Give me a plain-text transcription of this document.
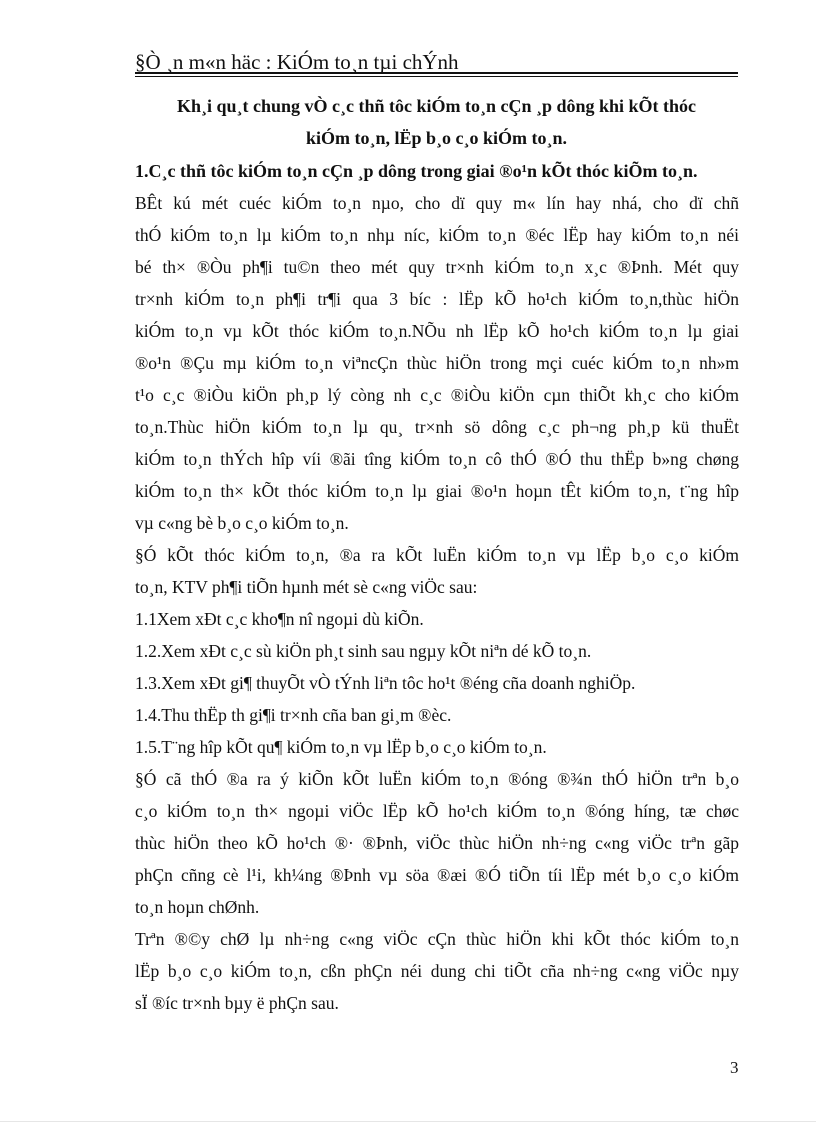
§Ò ¸n m«n häc : KiÓm to¸n tµi chÝnh
Kh¸i qu¸t chung vÒ c¸c thñ tôc kiÓm to¸n cÇn ¸p dông khi kÕt thóc
kiÓm to¸n, lËp b¸o c¸o kiÓm to¸n.
1.C¸c thñ tôc kiÓm to¸n cÇn ¸p dông trong giai ®o¹n kÕt thóc kiÕm to¸n.
BÊt kú mét cuéc kiÓm to¸n nµo, cho dï quy m« lín hay nhá, cho dï chñ
thÓ kiÓm to¸n lµ kiÓm to¸n nhµ níc, kiÓm to¸n ®éc lËp hay kiÓm to¸n néi
bé th× ®Òu ph¶i tu©n theo mét quy tr×nh kiÓm to¸n x¸c ®Þnh. Mét quy
tr×nh kiÓm to¸n ph¶i tr¶i qua 3 bíc : lËp kÕ ho¹ch kiÓm to¸n,thùc hiÖn
kiÓm to¸n vµ kÕt thóc kiÓm to¸n.NÕu nh lËp kÕ ho¹ch kiÓm to¸n lµ giai
®o¹n ®Çu mµ kiÓm to¸n viªncÇn thùc hiÖn trong mçi cuéc kiÓm to¸n nh»m
t¹o c¸c ®iÒu kiÖn ph¸p lý còng nh c¸c ®iÒu kiÖn cµn thiÕt kh¸c cho kiÓm
to¸n.Thùc hiÖn kiÓm to¸n lµ qu¸ tr×nh sö dông c¸c ph¬ng ph¸p kü thuËt
kiÓm to¸n thÝch hîp víi ®ãi tîng kiÓm to¸n cô thÓ ®Ó thu thËp b»ng chøng
kiÓm to¸n th× kÕt thóc kiÓm to¸n lµ giai ®o¹n hoµn tÊt kiÓm to¸n, t¨ng hîp
vµ c«ng bè b¸o c¸o kiÓm to¸n.
§Ó kÕt thóc kiÓm to¸n, ®a ra kÕt luËn kiÓm to¸n vµ lËp b¸o c¸o kiÓm
to¸n, KTV ph¶i tiÕn hµnh mét sè c«ng viÖc sau:
1.1Xem xÐt c¸c kho¶n nî ngoµi dù kiÕn.
1.2.Xem xÐt c¸c sù kiÖn ph¸t sinh sau ngµy kÕt niªn dé kÕ to¸n.
1.3.Xem xÐt gi¶ thuyÕt vÒ tÝnh liªn tôc ho¹t ®éng cña doanh nghiÖp.
1.4.Thu thËp th gi¶i tr×nh cña ban gi¸m ®èc.
1.5.T¨ng hîp kÕt qu¶ kiÓm to¸n vµ lËp b¸o c¸o kiÓm to¸n.
§Ó cã thÓ ®a ra ý kiÕn kÕt luËn kiÓm to¸n ®óng ®¾n thÓ hiÖn trªn b¸o
c¸o kiÓm to¸n th× ngoµi viÖc lËp kÕ ho¹ch kiÓm to¸n ®óng híng, tæ chøc
thùc hiÖn theo kÕ ho¹ch ®· ®Þnh, viÖc thùc hiÖn nh÷ng c«ng viÖc trªn gãp
phÇn cñng cè l¹i, kh¼ng ®Þnh vµ söa ®æi ®Ó tiÕn tíi lËp mét b¸o c¸o kiÓm
to¸n hoµn chØnh.
Trªn ®©y chØ lµ nh÷ng c«ng viÖc cÇn thùc hiÖn khi kÕt thóc kiÓm to¸n
lËp b¸o c¸o kiÓm to¸n, cßn phÇn néi dung chi tiÕt cña nh÷ng c«ng viÖc nµy
sÏ ®íc tr×nh bµy ë phÇn sau.
3
